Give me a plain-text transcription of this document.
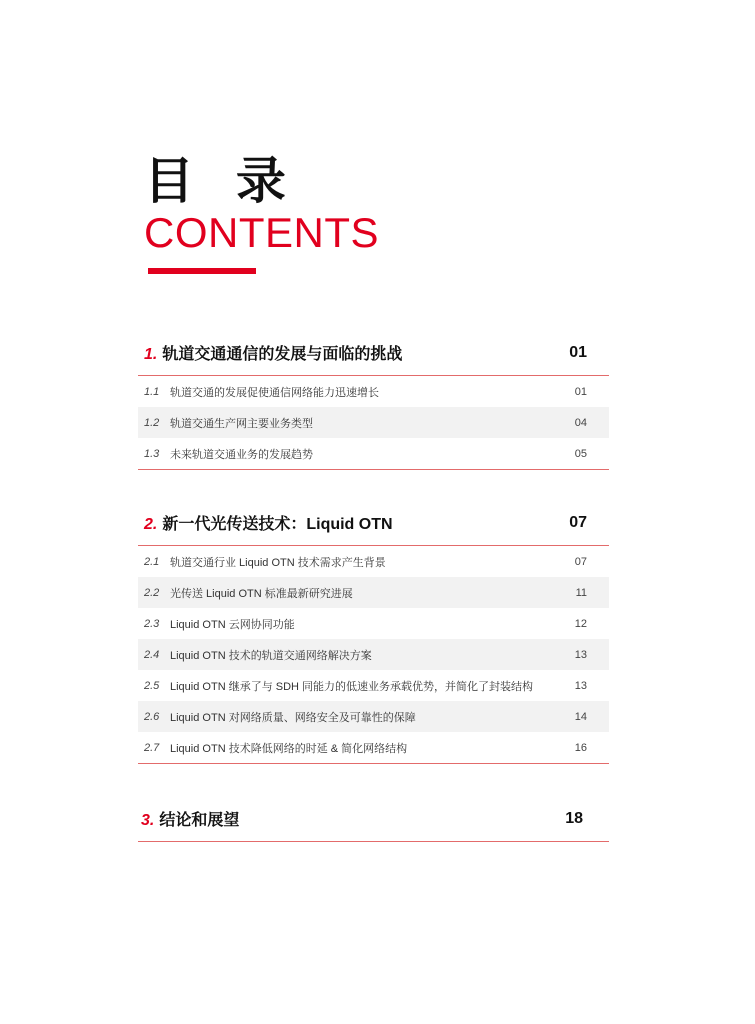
目 录
CONTENTS
1. 轨道交通通信的发展与面临的挑战	01
1.1 轨道交通的发展促使通信网络能力迅速增长	01
1.2 轨道交通生产网主要业务类型	04
1.3 未来轨道交通业务的发展趋势	05
2. 新一代光传送技术：Liquid OTN	07
2.1 轨道交通行业 Liquid OTN 技术需求产生背景	07
2.2 光传送 Liquid OTN 标准最新研究进展	11
2.3 Liquid OTN 云网协同功能	12
2.4 Liquid OTN 技术的轨道交通网络解决方案	13
2.5 Liquid OTN 继承了与 SDH 同能力的低速业务承载优势，并简化了封装结构	13
2.6 Liquid OTN 对网络质量、网络安全及可靠性的保障	14
2.7 Liquid OTN 技术降低网络的时延 & 简化网络结构	16
3. 结论和展望	18
